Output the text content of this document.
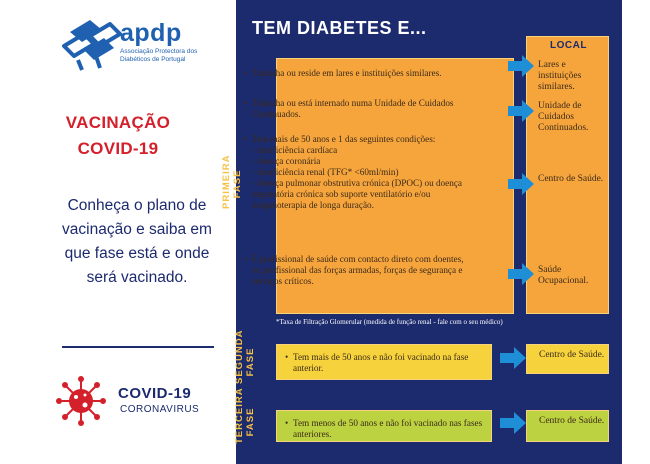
apdp
Associação Protectora dos Diabéticos de Portugal
VACINAÇÃO
COVID-19
Conheça o plano de vacinação e saiba em que fase está e onde será vacinado.
COVID-19
CORONAVIRUS
TEM DIABETES E...
PRIMEIRA FASE
SEGUNDA FASE
TERCEIRA FASE
LOCAL
• Trabalha ou reside em lares e instituições similares.
• Trabalha ou está internado numa Unidade de Cuidados Continuados.
• Tem mais de 50 anos e 1 das seguintes condições:
- insuficiência cardíaca
- doença coronária
- insuficiência renal (TFG* <60ml/min)
- doença pulmonar obstrutiva crónica (DPOC) ou doença respiratória crónica sob suporte ventilatório e/ou oxigenoterapia de longa duração.
• É profissional de saúde com contacto direto com doentes, ou profissional das forças armadas, forças de segurança e serviços críticos.
Lares e instituições similares.
Unidade de Cuidados Continuados.
Centro de Saúde.
Saúde Ocupacional.
*Taxa de Filtração Glomerular (medida de função renal - fale com o seu médico)
• Tem mais de 50 anos e não foi vacinado na fase anterior.
Centro de Saúde.
• Tem menos de 50 anos e não foi vacinado nas fases anteriores.
Centro de Saúde.
